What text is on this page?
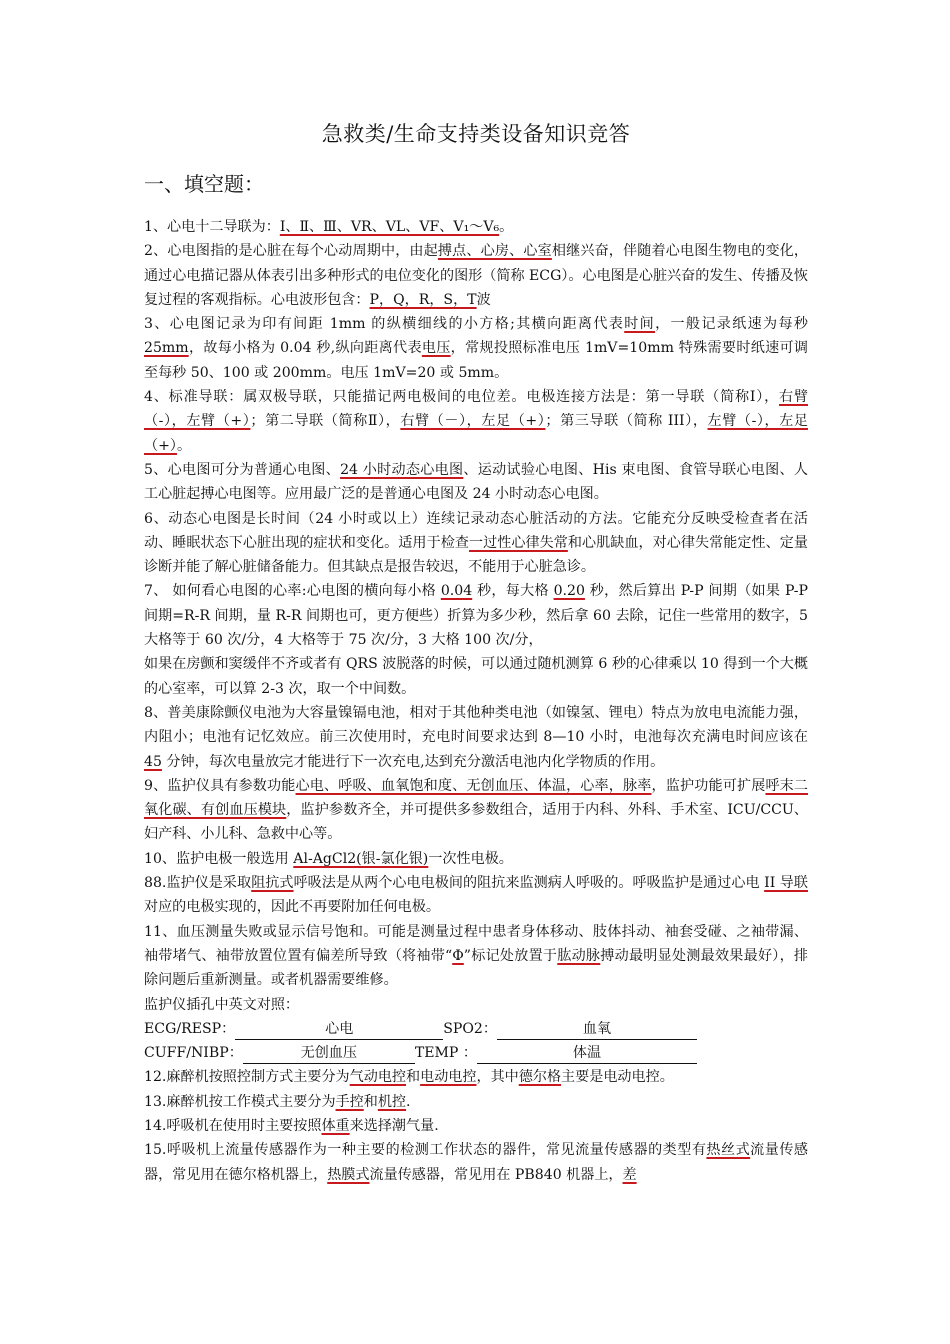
急救类/生命支持类设备知识竞答
一、填空题：

1、心电十二导联为：Ⅰ、Ⅱ、Ⅲ、VR、VL、VF、V₁～V₆。

2、心电图指的是心脏在每个心动周期中，由起搏点、心房、心室相继兴奋，伴随着心电图生物电的变化，通过心电描记器从体表引出多种形式的电位变化的图形（简称 ECG）。心电图是心脏兴奋的发生、传播及恢复过程的客观指标。心电波形包含：P，Q，R，S，T波

3、心电图记录为印有间距 1mm 的纵横细线的小方格;其横向距离代表时间，一般记录纸速为每秒 25mm，故每小格为 0.04 秒,纵向距离代表电压，常规投照标准电压 1mV=10mm 特殊需要时纸速可调至每秒 50、100 或 200mm。电压 1mV=20 或 5mm。

4、标准导联：属双极导联，只能描记两电极间的电位差。电极连接方法是：第一导联（简称Ⅰ），右臂（-），左臂（+）；第二导联（简称Ⅱ），右臂（－），左足（+）；第三导联（简称 III），左臂（-），左足（+）。

5、心电图可分为普通心电图、24 小时动态心电图、运动试验心电图、His 束电图、食管导联心电图、人工心脏起搏心电图等。应用最广泛的是普通心电图及 24 小时动态心电图。

6、动态心电图是长时间（24 小时或以上）连续记录动态心脏活动的方法。它能充分反映受检查者在活动、睡眠状态下心脏出现的症状和变化。适用于检查一过性心律失常和心肌缺血，对心律失常能定性、定量诊断并能了解心脏储备能力。但其缺点是报告较迟，不能用于心脏急诊。

7、 如何看心电图的心率:心电图的横向每小格 0.04 秒，每大格 0.20 秒，然后算出 P-P 间期（如果 P-P 间期=R-R 间期，量 R-R 间期也可，更方便些）折算为多少秒，然后拿 60 去除，记住一些常用的数字，5 大格等于 60 次/分，4 大格等于 75 次/分，3 大格 100 次/分，

如果在房颤和窦缓伴不齐或者有 QRS 波脱落的时候，可以通过随机测算 6 秒的心律乘以 10 得到一个大概的心室率，可以算 2-3 次，取一个中间数。

8、普美康除颤仪电池为大容量镍镉电池，相对于其他种类电池（如镍氢、锂电）特点为放电电流能力强，内阻小；电池有记忆效应。前三次使用时，充电时间要求达到 8—10 小时，电池每次充满电时间应该在 45 分钟，每次电量放完才能进行下一次充电,达到充分激活电池内化学物质的作用。

9、监护仪具有参数功能心电、呼吸、血氧饱和度、无创血压、体温，心率，脉率，监护功能可扩展呼末二氧化碳、有创血压模块，监护参数齐全，并可提供多参数组合，适用于内科、外科、手术室、ICU/CCU、妇产科、小儿科、急救中心等。

10、监护电极一般选用 Al-AgCl2(银-氯化银)一次性电极。

88.监护仪是采取阻抗式呼吸法是从两个心电电极间的阻抗来监测病人呼吸的。呼吸监护是通过心电 II 导联对应的电极实现的，因此不再要附加任何电极。

11、血压测量失败或显示信号饱和。可能是测量过程中患者身体移动、肢体抖动、袖套受碰、之袖带漏、袖带堵气、袖带放置位置有偏差所导致（将袖带“Φ”标记处放置于肱动脉搏动最明显处测最效果最好），排除问题后重新测量。或者机器需要维修。

监护仪插孔中英文对照：

ECG/RESP：	心电	SPO2：	血氧
CUFF/NIBP：	无创血压	TEMP ：	体温

12.麻醉机按照控制方式主要分为气动电控和电动电控，其中德尔格主要是电动电控。

13.麻醉机按工作模式主要分为手控和机控.

14.呼吸机在使用时主要按照体重来选择潮气量.

15.呼吸机上流量传感器作为一种主要的检测工作状态的器件，常见流量传感器的类型有热丝式流量传感器，常见用在德尔格机器上，热膜式流量传感器，常见用在 PB840 机器上，差
